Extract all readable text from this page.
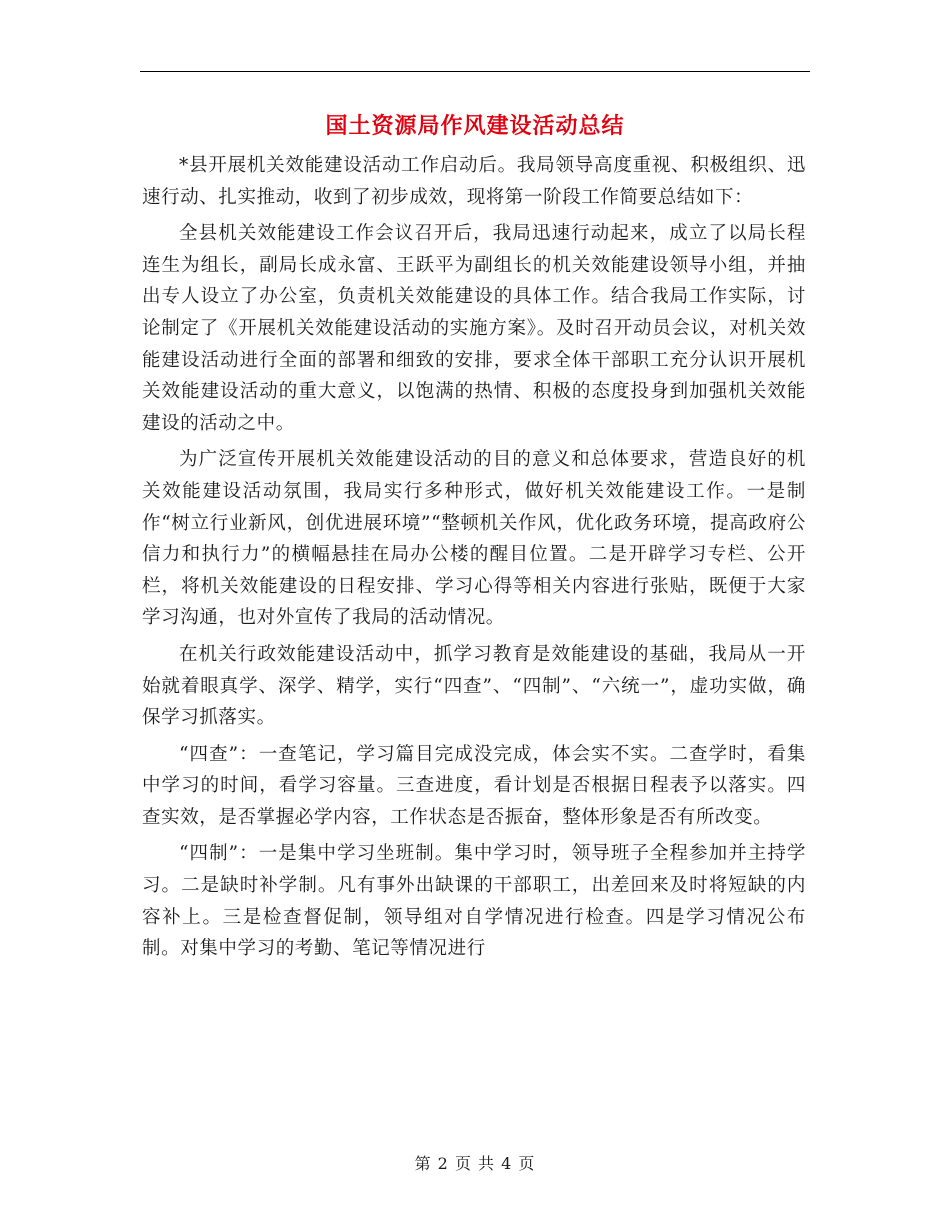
国土资源局作风建设活动总结

*县开展机关效能建设活动工作启动后。我局领导高度重视、积极组织、迅速行动、扎实推动，收到了初步成效，现将第一阶段工作简要总结如下：

全县机关效能建设工作会议召开后，我局迅速行动起来，成立了以局长程连生为组长，副局长成永富、王跃平为副组长的机关效能建设领导小组，并抽出专人设立了办公室，负责机关效能建设的具体工作。结合我局工作实际，讨论制定了《开展机关效能建设活动的实施方案》。及时召开动员会议，对机关效能建设活动进行全面的部署和细致的安排，要求全体干部职工充分认识开展机关效能建设活动的重大意义，以饱满的热情、积极的态度投身到加强机关效能建设的活动之中。

为广泛宣传开展机关效能建设活动的目的意义和总体要求，营造良好的机关效能建设活动氛围，我局实行多种形式，做好机关效能建设工作。一是制作“树立行业新风，创优进展环境”“整顿机关作风，优化政务环境，提高政府公信力和执行力”的横幅悬挂在局办公楼的醒目位置。二是开辟学习专栏、公开栏，将机关效能建设的日程安排、学习心得等相关内容进行张贴，既便于大家学习沟通，也对外宣传了我局的活动情况。

在机关行政效能建设活动中，抓学习教育是效能建设的基础，我局从一开始就着眼真学、深学、精学，实行“四查”、“四制”、“六统一”，虚功实做，确保学习抓落实。

“四查”：一查笔记，学习篇目完成没完成，体会实不实。二查学时，看集中学习的时间，看学习容量。三查进度，看计划是否根据日程表予以落实。四查实效，是否掌握必学内容，工作状态是否振奋，整体形象是否有所改变。

“四制”：一是集中学习坐班制。集中学习时，领导班子全程参加并主持学习。二是缺时补学制。凡有事外出缺课的干部职工，出差回来及时将短缺的内容补上。三是检查督促制，领导组对自学情况进行检查。四是学习情况公布制。对集中学习的考勤、笔记等情况进行

第 2 页 共 4 页
